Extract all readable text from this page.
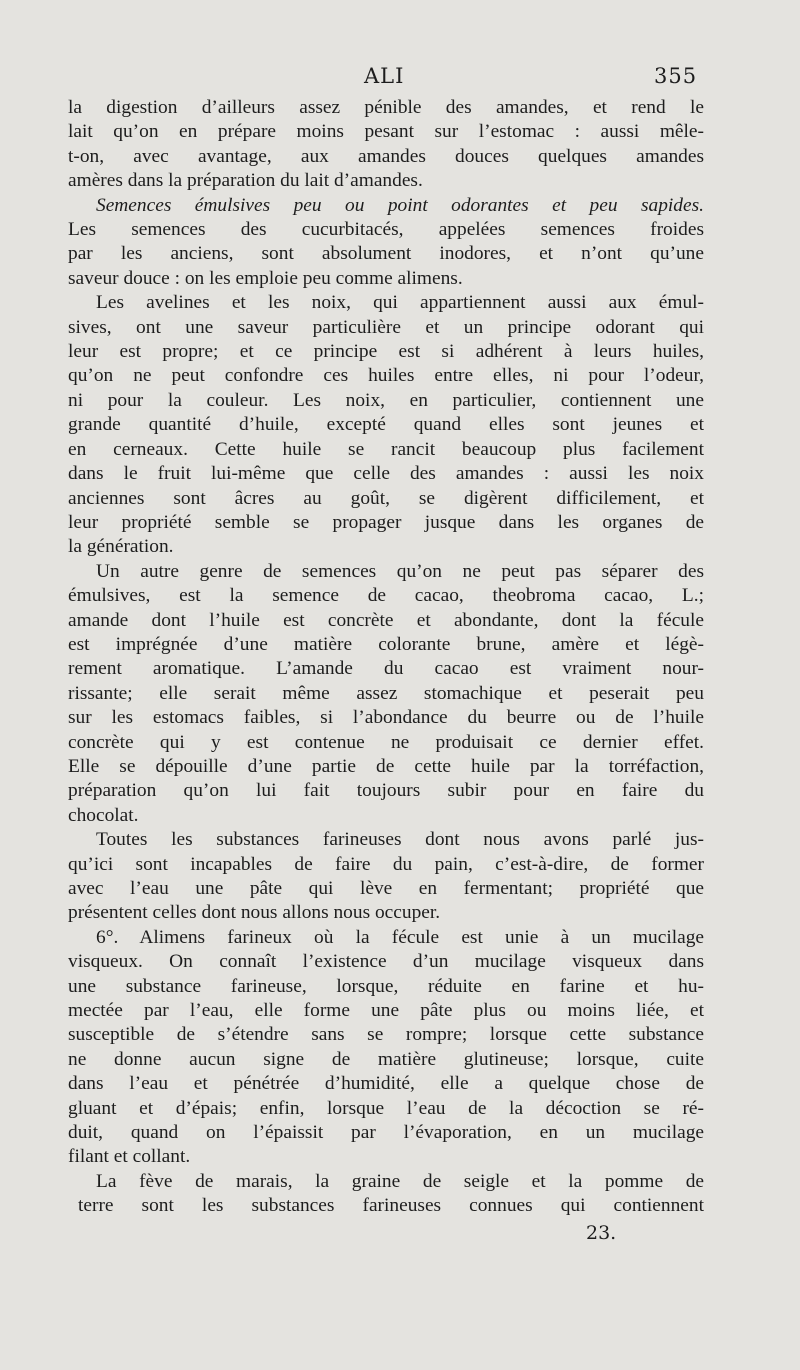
ALI	355
la digestion d’ailleurs assez pénible des amandes, et rend le
lait qu’on en prépare moins pesant sur l’estomac : aussi mêle-
t-on, avec avantage, aux amandes douces quelques amandes
amères dans la préparation du lait d’amandes.
Semences émulsives peu ou point odorantes et peu sapides.
Les semences des cucurbitacés, appelées semences froides
par les anciens, sont absolument inodores, et n’ont qu’une
saveur douce : on les emploie peu comme alimens.
Les avelines et les noix, qui appartiennent aussi aux émul-
sives, ont une saveur particulière et un principe odorant qui
leur est propre; et ce principe est si adhérent à leurs huiles,
qu’on ne peut confondre ces huiles entre elles, ni pour l’odeur,
ni pour la couleur. Les noix, en particulier, contiennent une
grande quantité d’huile, excepté quand elles sont jeunes et
en cerneaux. Cette huile se rancit beaucoup plus facilement
dans le fruit lui-même que celle des amandes : aussi les noix
anciennes sont âcres au goût, se digèrent difficilement, et
leur propriété semble se propager jusque dans les organes de
la génération.
Un autre genre de semences qu’on ne peut pas séparer des
émulsives, est la semence de cacao, theobroma cacao, L.;
amande dont l’huile est concrète et abondante, dont la fécule
est imprégnée d’une matière colorante brune, amère et légè-
rement aromatique. L’amande du cacao est vraiment nour-
rissante; elle serait même assez stomachique et peserait peu
sur les estomacs faibles, si l’abondance du beurre ou de l’huile
concrète qui y est contenue ne produisait ce dernier effet.
Elle se dépouille d’une partie de cette huile par la torréfaction,
préparation qu’on lui fait toujours subir pour en faire du
chocolat.
Toutes les substances farineuses dont nous avons parlé jus-
qu’ici sont incapables de faire du pain, c’est-à-dire, de former
avec l’eau une pâte qui lève en fermentant; propriété que
présentent celles dont nous allons nous occuper.
6°. Alimens farineux où la fécule est unie à un mucilage
visqueux. On connaît l’existence d’un mucilage visqueux dans
une substance farineuse, lorsque, réduite en farine et hu-
mectée par l’eau, elle forme une pâte plus ou moins liée, et
susceptible de s’étendre sans se rompre; lorsque cette substance
ne donne aucun signe de matière glutineuse; lorsque, cuite
dans l’eau et pénétrée d’humidité, elle a quelque chose de
gluant et d’épais; enfin, lorsque l’eau de la décoction se ré-
duit, quand on l’épaissit par l’évaporation, en un mucilage
filant et collant.
La fève de marais, la graine de seigle et la pomme de
terre sont les substances farineuses connues qui contiennent
23.
